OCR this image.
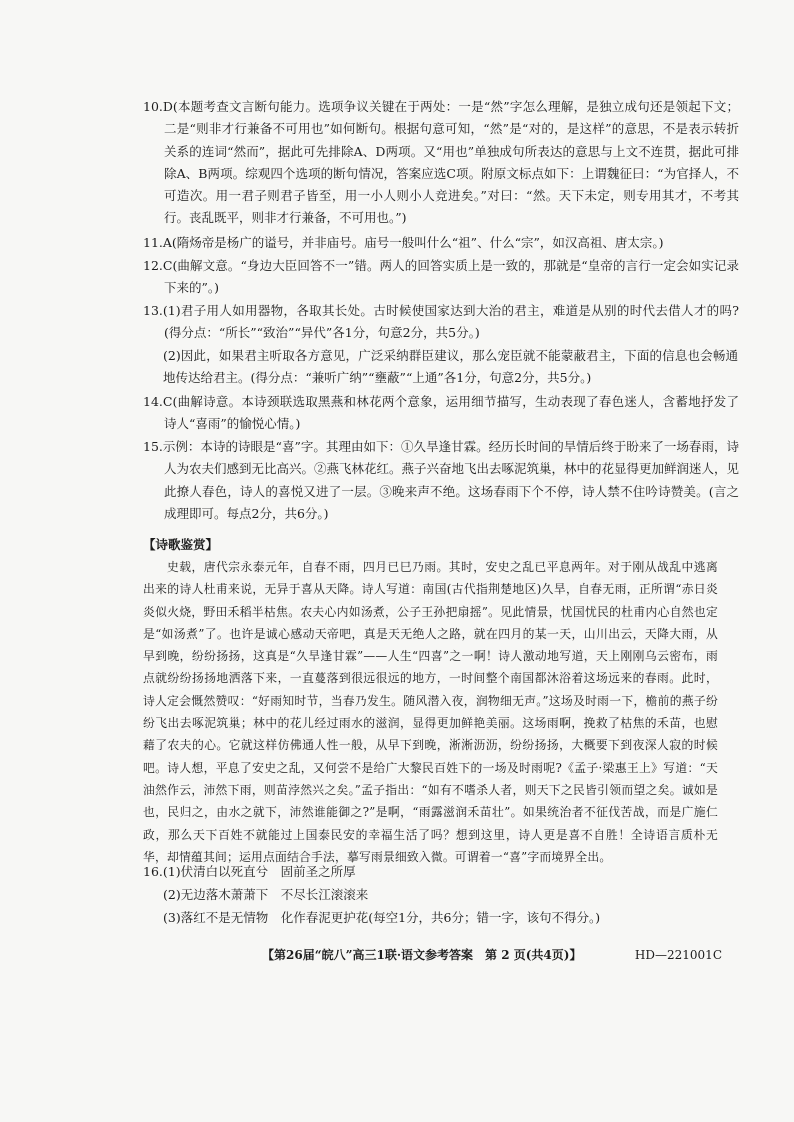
10.D(本题考查文言断句能力。选项争议关键在于两处：一是“然”字怎么理解，是独立成句还是领起下文；二是“则非才行兼备不可用也”如何断句。根据句意可知，“然”是“对的，是这样”的意思，不是表示转折关系的连词“然而”，据此可先排除A、D两项。又“用也”单独成句所表达的意思与上文不连贯，据此可排除A、B两项。综观四个选项的断句情况，答案应选C项。附原文标点如下：上谓魏征曰：“为官择人，不可造次。用一君子则君子皆至，用一小人则小人竞进矣。”对曰：“然。天下未定，则专用其才，不考其行。丧乱既平，则非才行兼备，不可用也。”)
11.A(隋炀帝是杨广的谥号，并非庙号。庙号一般叫什么“祖”、什么“宗”，如汉高祖、唐太宗。)
12.C(曲解文意。“身边大臣回答不一”错。两人的回答实质上是一致的，那就是“皇帝的言行一定会如实记录下来的”。)
13.(1)君子用人如用器物，各取其长处。古时候使国家达到大治的君主，难道是从别的时代去借人才的吗?(得分点：“所长”“致治”“异代”各1分，句意2分，共5分。)
(2)因此，如果君主听取各方意见，广泛采纳群臣建议，那么宠臣就不能蒙蔽君主，下面的信息也会畅通地传达给君主。(得分点：“兼听广纳”“壅蔽”“上通”各1分，句意2分，共5分。)
14.C(曲解诗意。本诗颈联选取黑燕和林花两个意象，运用细节描写，生动表现了春色迷人，含蓄地抒发了诗人“喜雨”的愉悦心情。)
15.示例：本诗的诗眼是“喜”字。其理由如下：①久旱逢甘霖。经历长时间的旱情后终于盼来了一场春雨，诗人为农夫们感到无比高兴。②燕飞林花红。燕子兴奋地飞出去啄泥筑巢，林中的花显得更加鲜润迷人，见此撩人春色，诗人的喜悦又进了一层。③晚来声不绝。这场春雨下个不停，诗人禁不住吟诗赞美。(言之成理即可。每点2分，共6分。)
【诗歌鉴赏】
史载，唐代宗永泰元年，自春不雨，四月已巳乃雨。其时，安史之乱已平息两年。对于刚从战乱中逃离出来的诗人杜甫来说，无异于喜从天降。诗人写道：南国(古代指荆楚地区)久旱，自春无雨，正所谓“赤日炎炎似火烧，野田禾稻半枯焦。农夫心内如汤煮，公子王孙把扇摇”。见此情景，忧国忧民的杜甫内心自然也定是“如汤煮”了。也许是诚心感动天帝吧，真是天无绝人之路，就在四月的某一天，山川出云，天降大雨，从早到晚，纷纷扬扬，这真是“久旱逢甘霖”——人生“四喜”之一啊！诗人激动地写道，天上刚刚乌云密布，雨点就纷纷扬扬地洒落下来，一直蔓落到很远很远的地方，一时间整个南国都沐浴着这场远来的春雨。此时，诗人定会慨然赞叹：“好雨知时节，当春乃发生。随风潜入夜，润物细无声。”这场及时雨一下，檐前的燕子纷纷飞出去啄泥筑巢；林中的花儿经过雨水的滋润，显得更加鲜艳美丽。这场雨啊，挽救了枯焦的禾苗，也慰藉了农夫的心。它就这样仿佛通人性一般，从早下到晚，淅淅沥沥，纷纷扬扬，大概要下到夜深人寂的时候吧。诗人想，平息了安史之乱，又何尝不是给广大黎民百姓下的一场及时雨呢?《孟子·梁惠王上》写道：“天油然作云，沛然下雨，则苗浡然兴之矣。”孟子指出：“如有不嗜杀人者，则天下之民皆引领而望之矣。诚如是也，民归之，由水之就下，沛然谁能御之?”是啊，“雨露滋润禾苗壮”。如果统治者不征伐苦战，而是广施仁政，那么天下百姓不就能过上国泰民安的幸福生活了吗？想到这里，诗人更是喜不自胜！全诗语言质朴无华，却情蕴其间；运用点面结合手法，摹写雨景细致入微。可谓着一“喜”字而境界全出。
16.(1)伏清白以死直兮　固前圣之所厚
(2)无边落木萧萧下　不尽长江滚滚来
(3)落红不是无情物　化作春泥更护花(每空1分，共6分；错一字，该句不得分。)
【第26届“皖八”高三1联·语文参考答案　第 2 页(共4页)】	HD—221001C
